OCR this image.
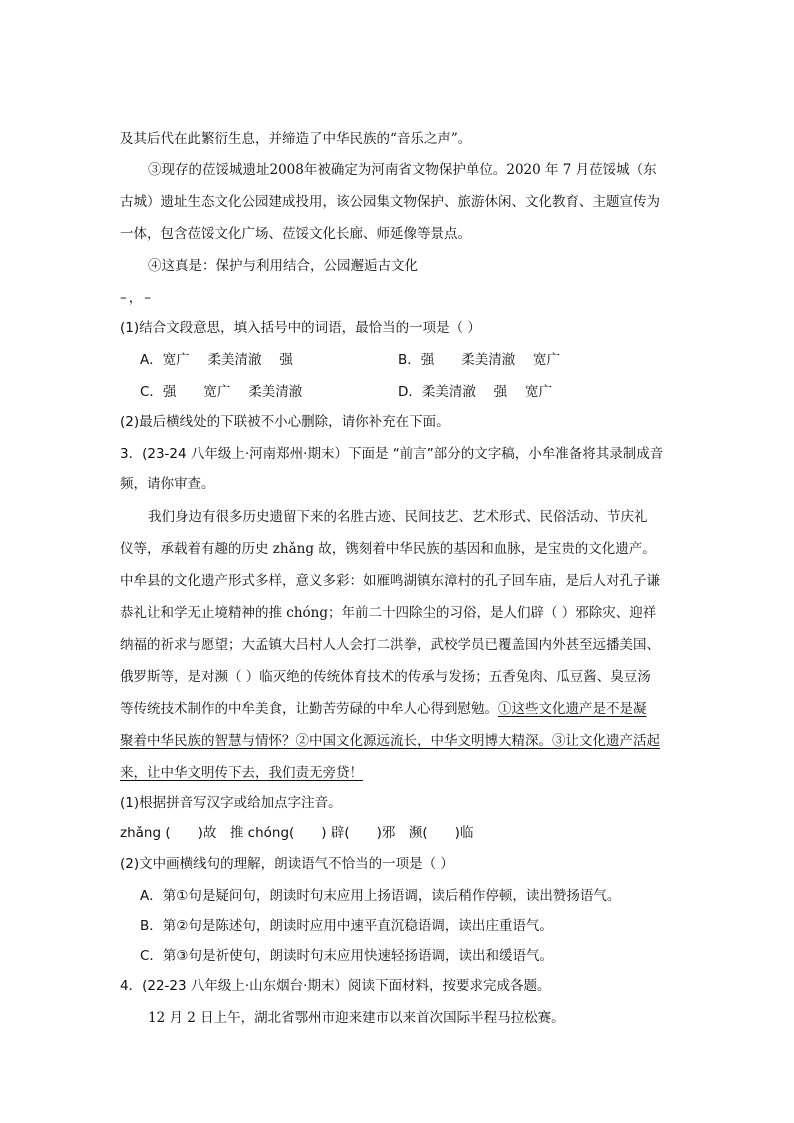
及其后代在此繁衍生息，并缔造了中华民族的“音乐之声”。
③现存的莅馁城遗址2008年被确定为河南省文物保护单位。2020 年 7 月莅馁城（东
古城）遗址生态文化公园建成投用，该公园集文物保护、旅游休闲、文化教育、主题宣传为
一体，包含莅馁文化广场、莅馁文化长廊、师延像等景点。
④这真是：保护与利用结合，公园邂逅古文化
–，–
(1)结合文段意思，填入括号中的词语，最恰当的一项是（ ）
A．宽广　 柔美清澈　 强	B．强　　柔美清澈　 宽广
C．强　　宽广　 柔美清澈	D．柔美清澈　 强　 宽广
(2)最后横线处的下联被不小心删除，请你补充在下面。
3．(23-24 八年级上·河南郑州·期末）下面是 “前言”部分的文字稿，小牟准备将其录制成音
频，请你审查。
我们身边有很多历史遗留下来的名胜古迹、民间技艺、艺术形式、民俗活动、节庆礼
仪等，承载着有趣的历史 zhǎng 故，镌刻着中华民族的基因和血脉，是宝贵的文化遗产。
中牟县的文化遗产形式多样，意义多彩：如雁鸣湖镇东漳村的孔子回车庙，是后人对孔子谦
恭礼让和学无止境精神的推 chóng；年前二十四除尘的习俗，是人们辟（ ）邪除灾、迎祥
纳福的祈求与愿望；大孟镇大吕村人人会打二洪拳，武校学员已覆盖国内外甚至远播美国、
俄罗斯等，是对濒（ ）临灭绝的传统体育技术的传承与发扬；五香兔肉、瓜豆酱、臭豆汤
等传统技术制作的中牟美食，让勤苦劳碌的中牟人心得到慰勉。①这些文化遗产是不是凝
聚着中华民族的智慧与情怀？②中国文化源远流长，中华文明博大精深。③让文化遗产活起
来，让中华文明传下去，我们责无旁贷！
(1)根据拼音写汉字或给加点字注音。
zhǎng (　　)故　推 chóng(　　) 辟(　　)邪　濒(　　)临
(2)文中画横线句的理解，朗读语气不恰当的一项是（ ）
A．第①句是疑问句，朗读时句末应用上扬语调，读后稍作停顿，读出赞扬语气。
B．第②句是陈述句，朗读时应用中速平直沉稳语调，读出庄重语气。
C．第③句是祈使句，朗读时句末应用快速轻扬语调，读出和缓语气。
4．(22-23 八年级上·山东烟台·期末）阅读下面材料，按要求完成各题。
12 月 2 日上午，湖北省鄂州市迎来建市以来首次国际半程马拉松赛。
